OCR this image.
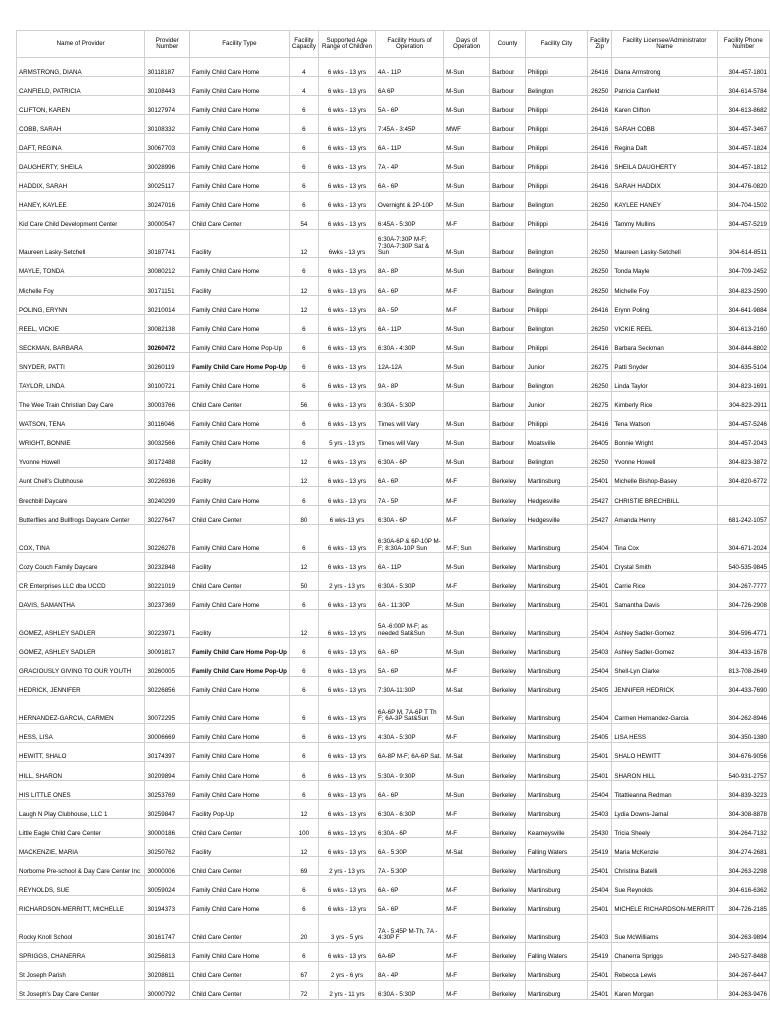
Name of Provider	Provider Number	Facility Type	Facility Capacity	Supported Age Range of Children	Facility Hours of Operation	Days of Operation	County	Facility City	Facility Zip	Facility Licensee/Administrator Name	Facility Phone Number
ARMSTRONG, DIANA	30118187	Family Child Care Home	4	6 wks - 13 yrs	4A - 11P	M-Sun	Barbour	Philippi	26416	Diana Armstrong	304-457-1801
CANFIELD, PATRICIA	30108443	Family Child Care Home	4	6 wks - 13 yrs	6A 6P	M-Sun	Barbour	Belington	26250	Patricia Canfield	304-614-5784
CLIFTON, KAREN	30127974	Family Child Care Home	6	6 wks - 13 yrs	5A - 6P	M-Sun	Barbour	Philippi	26416	Karen Clifton	304-613-8682
COBB, SARAH	30108332	Family Child Care Home	6	6 wks - 13 yrs	7:45A - 3:45P	MWF	Barbour	Philippi	26416	SARAH COBB	304-457-3467
DAFT, REGINA	30067703	Family Child Care Home	6	6 wks - 13 yrs	6A - 11P	M-Sun	Barbour	Philippi	26416	Regina Daft	304-457-1824
DAUGHERTY, SHEILA	30028996	Family Child Care Home	6	6 wks - 13 yrs	7A - 4P	M-Sun	Barbour	Philippi	26416	SHEILA DAUGHERTY	304-457-1812
HADDIX, SARAH	30025117	Family Child Care Home	6	6 wks - 13 yrs	6A - 6P	M-Sun	Barbour	Philippi	26416	SARAH HADDIX	304-476-0820
HANEY, KAYLEE	30247016	Family Child Care Home	6	6 wks - 13 yrs	Overnight & 2P-10P	M-Sun	Barbour	Belington	26250	KAYLEE HANEY	304-704-1502
Kid Care Child Development Center	30000547	Child Care Center	54	6 wks - 13 yrs	6:45A - 5:30P	M-F	Barbour	Philippi	26416	Tammy Mullins	304-457-5219
Maureen Lasky-Setchell	30187741	Facility	12	6wks - 13 yrs	6:30A-7:30P M-F; 7:30A-7:30P Sat & Sun	M-Sun	Barbour	Belington	26250	Maureen Lasky-Setchell	304-614-8511
MAYLE, TONDA	30080212	Family Child Care Home	6	6 wks - 13 yrs	8A - 8P	M-Sun	Barbour	Belington	26250	Tonda Mayle	304-709-2452
Michelle Foy	30171151	Facility	12	6 wks - 13 yrs	6A - 6P	M-F	Barbour	Belington	26250	Michelle Foy	304-823-2590
POLING, ERYNN	30210014	Family Child Care Home	12	6 wks - 13 yrs	8A - 5P	M-F	Barbour	Philippi	26416	Erynn Poling	304-641-9884
REEL, VICKIE	30082138	Family Child Care Home	6	6 wks - 13 yrs	6A - 11P	M-Sun	Barbour	Belington	26250	VICKIE REEL	304-613-2160
SECKMAN, BARBARA	30260472	Family Child Care Home Pop-Up	6	6 wks - 13 yrs	6:30A - 4:30P	M-Sun	Barbour	Philippi	26416	Barbara Seckman	304-844-8802
SNYDER, PATTI	30260119	Family Child Care Home Pop-Up	6	6 wks - 13 yrs	12A-12A	M-Sun	Barbour	Junior	26275	Patti Snyder	304-635-5104
TAYLOR, LINDA	30100721	Family Child Care Home	6	6 wks - 13 yrs	9A - 8P	M-Sun	Barbour	Belington	26250	Linda Taylor	304-823-1691
The Wee Train Christian Day Care	30003766	Child Care Center	56	6 wks - 13 yrs	6:30A - 5:30P		Barbour	Junior	26275	Kimberly Rice	304-823-2911
WATSON, TENA	30116046	Family Child Care Home	6	6 wks - 13 yrs	Times will Vary	M-Sun	Barbour	Philippi	26416	Tena Watson	304-457-5246
WRIGHT, BONNIE	30032566	Family Child Care Home	6	5 yrs - 13 yrs	Times will Vary	M-Sun	Barbour	Moatsville	26405	Bonnie Wright	304-457-2043
Yvonne Howell	30172488	Facility	12	6 wks - 13 yrs	6:30A - 6P	M-Sun	Barbour	Belington	26250	Yvonne Howell	304-823-3872
Aunt Chell's Clubhouse	30226936	Facility	12	6 wks - 13 yrs	6A - 6P	M-F	Berkeley	Martinsburg	25401	Michelle Bishop-Basey	304-820-6772
Brechbill Daycare	30240299	Family Child Care Home	6	6 wks - 13 yrs	7A - 5P	M-F	Berkeley	Hedgesville	25427	CHRISTIE BRECHBILL	
Butterflies and Bullfrogs Daycare Center	30227647	Child Care Center	80	6 wks-13 yrs	6:30A - 6P	M-F	Berkeley	Hedgesville	25427	Amanda Henry	681-242-1057
COX, TINA	30226278	Family Child Care Home	6	6 wks - 13 yrs	6:30A-6P & 6P-10P M-F; 8:30A-10P Sun	M-F; Sun	Berkeley	Martinsburg	25404	Tina Cox	304-671-2024
Cozy Couch Family Daycare	30232848	Facility	12	6 wks - 13 yrs	6A - 11P	M-Sun	Berkeley	Martinsburg	25401	Crystal Smith	540-535-9845
CR Enterprises LLC dba UCCD	30221019	Child Care Center	50	2 yrs - 13 yrs	6:30A - 5:30P	M-F	Berkeley	Martinsburg	25401	Carrie Rice	304-267-7777
DAVIS, SAMANTHA	30237369	Family Child Care Home	6	6 wks - 13 yrs	6A - 11:30P	M-Sun	Berkeley	Martinsburg	25401	Samantha Davis	304-726-2908
GOMEZ, ASHLEY SADLER	30223971	Facility	12	6 wks - 13 yrs	5A -6:00P M-F; as needed Sat&Sun	M-Sun	Berkeley	Martinsburg	25404	Ashley Sadler-Gomez	304-596-4771
GOMEZ, ASHLEY SADLER	30091817	Family Child Care Home Pop-Up	6	6 wks - 13 yrs	6A - 6P	M-Sun	Berkeley	Martinsburg	25403	Ashley Sadler-Gomez	304-433-1678
GRACIOUSLY GIVING TO OUR YOUTH	30260005	Family Child Care Home Pop-Up	6	6 wks - 13 yrs	5A - 6P	M-F	Berkeley	Martinsburg	25404	Shell-Lyn Clarke	813-708-2649
HEDRICK, JENNIFER	30226856	Family Child Care Home	6	6 wks - 13 yrs	7:30A-11:30P	M-Sat	Berkeley	Martinsburg	25405	JENNIFER HEDRICK	304-433-7690
HERNANDEZ-GARCIA, CARMEN	30072295	Family Child Care Home	6	6 wks - 13 yrs	6A-6P M, 7A-6P T Th F; 6A-3P Sat&Sun	M-Sun	Berkeley	Martinsburg	25404	Carmen Hernandez-Garcia	304-262-8946
HESS, LISA	30006669	Family Child Care Home	6	6 wks - 13 yrs	4:30A - 5:30P	M-F	Berkeley	Martinsburg	25405	LISA HESS	304-350-1380
HEWITT, SHALO	30174397	Family Child Care Home	6	6 wks - 13 yrs	6A-8P M-F; 6A-6P Sat.	M-Sat	Berkeley	Martinsburg	25401	SHALO HEWITT	304-676-9056
HILL, SHARON	30209894	Family Child Care Home	6	6 wks - 13 yrs	5:30A - 9:30P	M-Sun	Berkeley	Martinsburg	25401	SHARON HILL	540-931-2757
HIS LITTLE ONES	30253769	Family Child Care Home	6	6 wks - 13 yrs	6A - 6P	M-Sun	Berkeley	Martinsburg	25404	Titattieanna Redman	304-839-3223
Laugh N Play Clubhouse, LLC 1	30259847	Facility Pop-Up	12	6 wks - 13 yrs	6:30A - 6:30P	M-F	Berkeley	Martinsburg	25403	Lydia Downs-Jamal	304-308-8878
Little Eagle Child Care Center	30000186	Child Care Center	100	6 wks - 13 yrs	6:30A - 6P	M-F	Berkeley	Kearneysville	25430	Tricia Sheely	304-264-7132
MACKENZIE, MARIA	30250762	Facility	12	6 wks - 13 yrs	6A - 5:30P	M-Sat	Berkeley	Falling Waters	25419	Maria McKenzie	304-274-2681
Norborne Pre-school & Day Care Center Inc	30000006	Child Care Center	69	2 yrs - 13 yrs	7A - 5:30P		Berkeley	Martinsburg	25401	Christina Batelli	304-263-2298
REYNOLDS, SUE	30059024	Family Child Care Home	6	6 wks - 13 yrs	6A - 6P	M-F	Berkeley	Martinsburg	25404	Sue Reynolds	304-616-6362
RICHARDSON-MERRITT, MICHELLE	30194373	Family Child Care Home	6	6 wks - 13 yrs	5A - 6P	M-F	Berkeley	Martinsburg	25401	MICHELE RICHARDSON-MERRITT	304-726-2185
Rocky Knoll School	30161747	Child Care Center	20	3 yrs - 5 yrs	7A - 5:45P M-Th, 7A - 4:30P F	M-F	Berkeley	Martinsburg	25403	Sue McWilliams	304-263-9894
SPRIGGS, CHANERRA	30256813	Family Child Care Home	6	6 wks - 13 yrs	6A-6P	M-F	Berkeley	Falling Waters	25419	Chanerra Spriggs	240-527-8488
St Joseph Parish	30208611	Child Care Center	67	2 yrs - 6 yrs	8A - 4P	M-F	Berkeley	Martinsburg	25401	Rebecca Lewis	304-267-6447
St Joseph's Day Care Center	30000792	Child Care Center	72	2 yrs - 11 yrs	6:30A - 5:30P	M-F	Berkeley	Martinsburg	25401	Karen Morgan	304-263-9476
